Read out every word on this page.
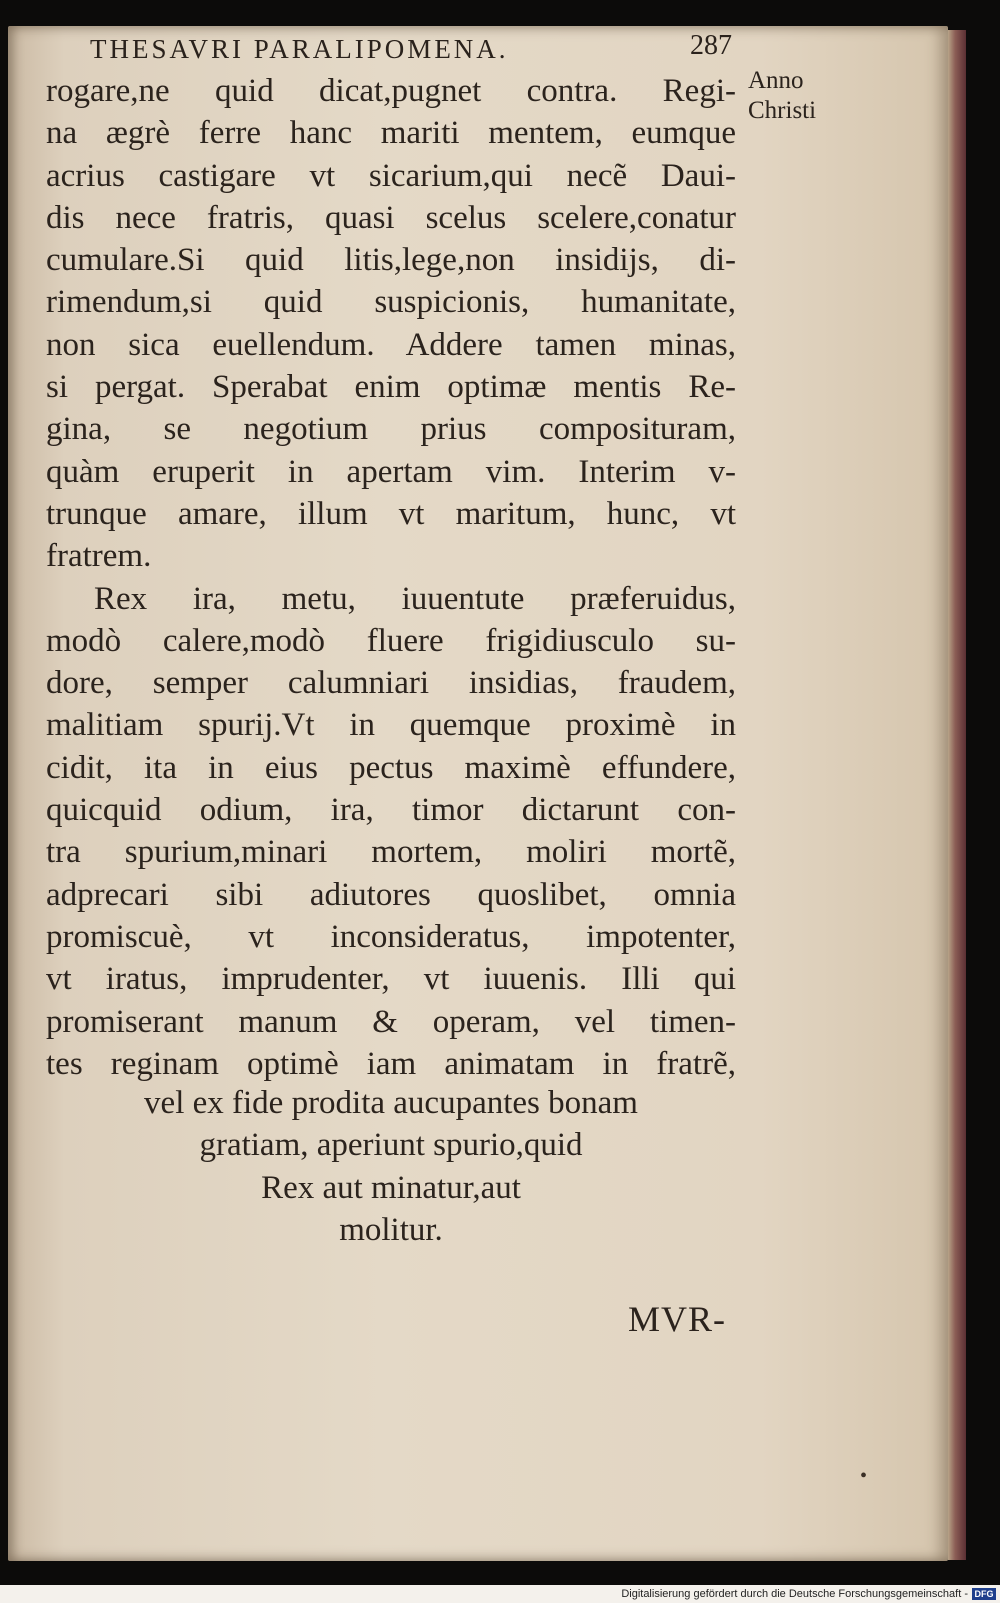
THESAVRI PARALIPOMENA.	287
Anno
Christi
rogare,ne quid dicat,pugnet contra. Regi-
na ægrè ferre hanc mariti mentem, eumque
acrius castigare vt sicarium,qui necẽ Daui-
dis nece fratris, quasi scelus scelere,conatur
cumulare.Si quid litis,lege,non insidijs, di-
rimendum,si quid suspicionis, humanitate,
non sica euellendum. Addere tamen minas,
si pergat. Sperabat enim optimæ mentis Re-
gina, se negotium prius composituram,
quàm eruperit in apertam vim. Interim v-
trunque amare, illum vt maritum, hunc, vt
fratrem.
Rex ira, metu, iuuentute præferuidus,
modò calere,modò fluere frigidiusculo su-
dore, semper calumniari insidias, fraudem,
malitiam spurij.Vt in quemque proximè in
cidit, ita in eius pectus maximè effundere,
quicquid odium, ira, timor dictarunt con-
tra spurium,minari mortem, moliri mortẽ,
adprecari sibi adiutores quoslibet, omnia
promiscuè, vt inconsideratus, impotenter,
vt iratus, imprudenter, vt iuuenis. Illi qui
promiserant manum & operam, vel timen-
tes reginam optimè iam animatam in fratrẽ,
vel ex fide prodita aucupantes bonam
gratiam, aperiunt spurio,quid
Rex aut minatur,aut
molitur.
MVR-
•
Digitalisierung gefördert durch die Deutsche Forschungsgemeinschaft - DFG
